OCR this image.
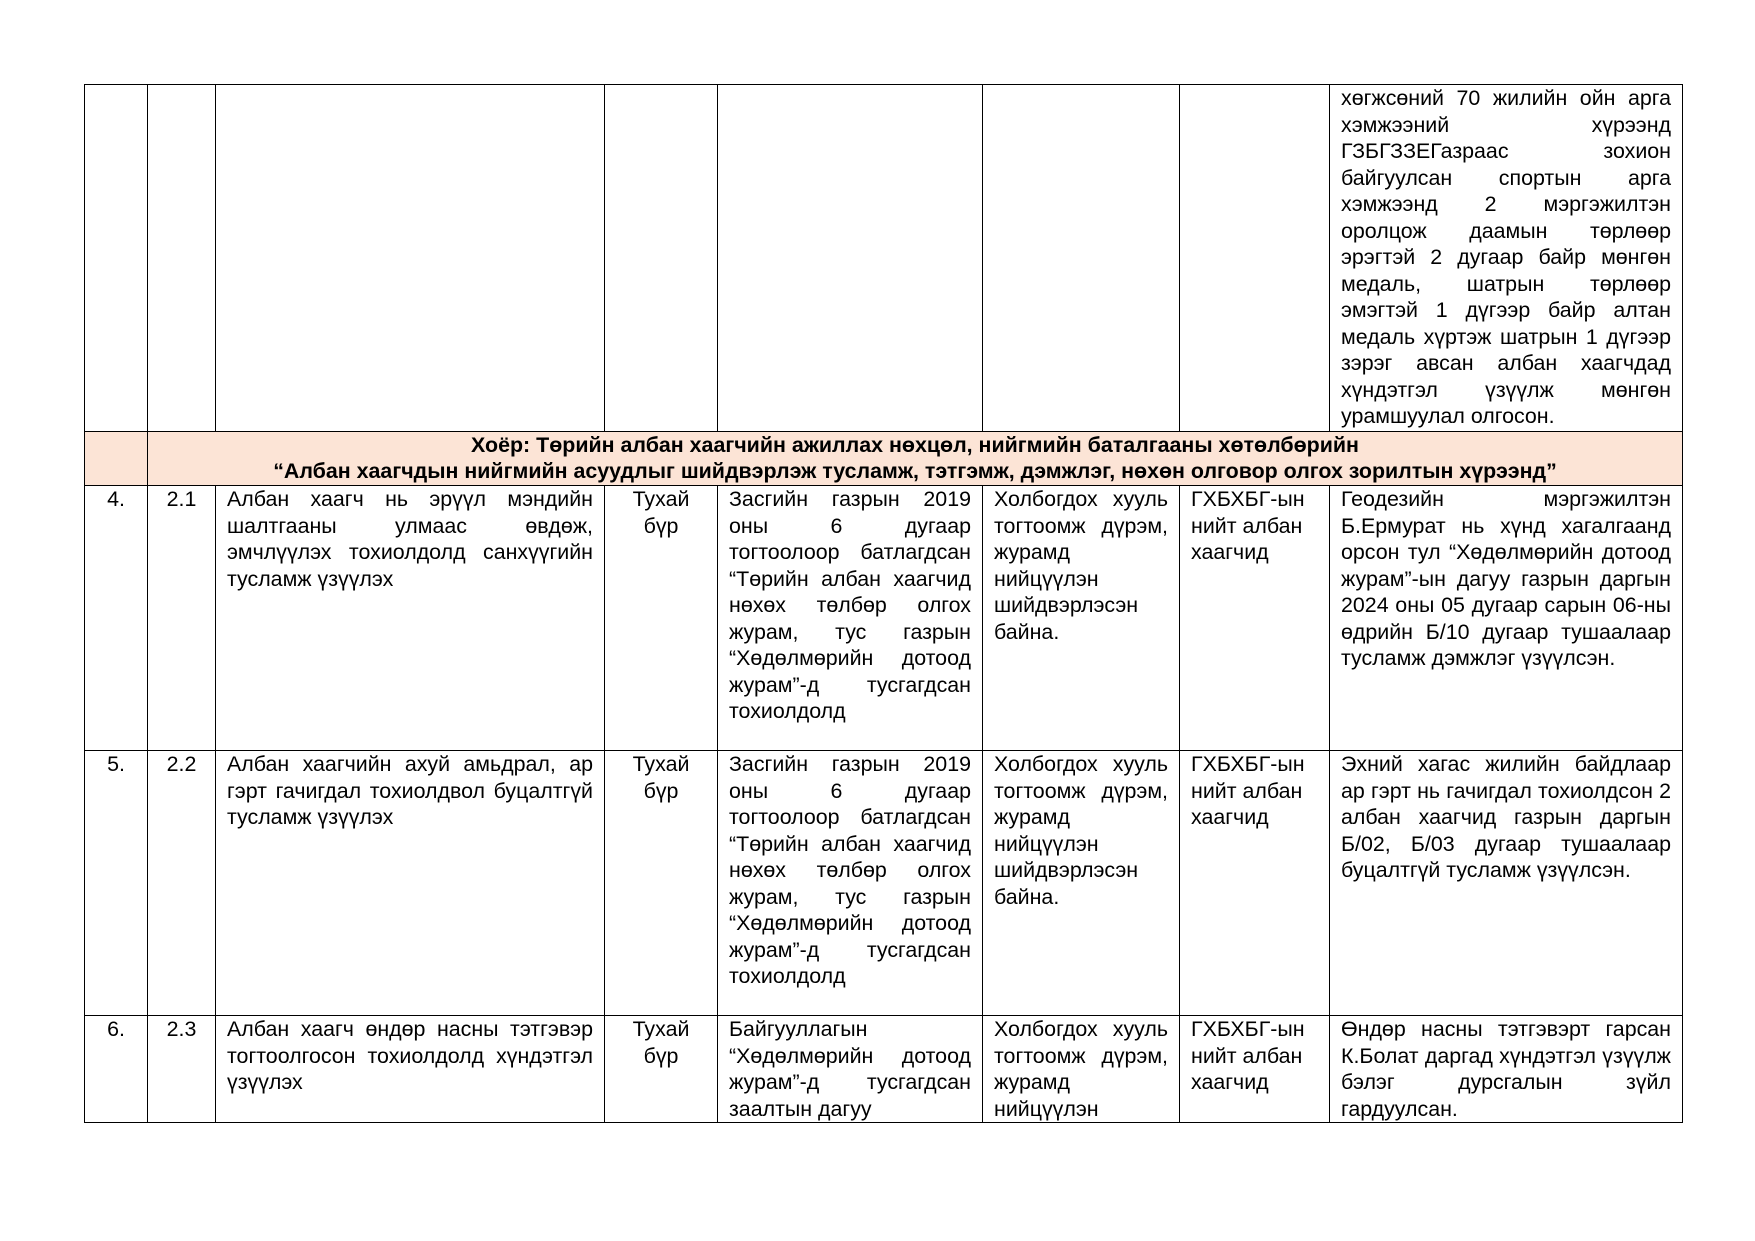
							хөгжсөний 70 жилийн ойн арга хэмжээний хүрээнд ГЗБГЗЗЕГазраас зохион байгуулсан спортын арга хэмжээнд 2 мэргэжилтэн оролцож даамын төрлөөр эрэгтэй 2 дугаар байр мөнгөн медаль, шатрын төрлөөр эмэгтэй 1 дүгээр байр алтан медаль хүртэж шатрын 1 дүгээр зэрэг авсан албан хаагчдад хүндэтгэл үзүүлж мөнгөн урамшуулал олгосон.

	Хоёр: Төрийн албан хаагчийн ажиллах нөхцөл, нийгмийн баталгааны хөтөлбөрийн
“Албан хаагчдын нийгмийн асуудлыг шийдвэрлэж тусламж, тэтгэмж, дэмжлэг, нөхөн олговор олгох зорилтын хүрээнд”						

4.	2.1	Албан хаагч нь эрүүл мэндийн шалтгааны улмаас өвдөж, эмчлүүлэх тохиолдолд санхүүгийн тусламж үзүүлэх	Тухай бүр	Засгийн газрын 2019 оны 6 дугаар тогтоолоор батлагдсан “Төрийн албан хаагчид нөхөх төлбөр олгох журам, тус газрын “Хөдөлмөрийн дотоод журам”-д тусгагдсан тохиолдолд	Холбогдох хууль тогтоомж дүрэм, журамд нийцүүлэн шийдвэрлэсэн байна.	ГХБХБГ-ын нийт албан хаагчид	Геодезийн мэргэжилтэн Б.Ермурат нь хүнд хагалгаанд орсон тул “Хөдөлмөрийн дотоод журам”-ын дагуу газрын даргын 2024 оны 05 дугаар сарын 06-ны өдрийн Б/10 дугаар тушаалаар тусламж дэмжлэг үзүүлсэн.
5.	2.2	Албан хаагчийн ахуй амьдрал, ар гэрт гачигдал тохиолдвол буцалтгүй тусламж үзүүлэх	Тухай бүр	Засгийн газрын 2019 оны 6 дугаар тогтоолоор батлагдсан “Төрийн албан хаагчид нөхөх төлбөр олгох журам, тус газрын “Хөдөлмөрийн дотоод журам”-д тусгагдсан тохиолдолд	Холбогдох хууль тогтоомж дүрэм, журамд нийцүүлэн шийдвэрлэсэн байна.	ГХБХБГ-ын нийт албан хаагчид	Эхний хагас жилийн байдлаар ар гэрт нь гачигдал тохиолдсон 2 албан хаагчид газрын даргын Б/02, Б/03 дугаар тушаалаар буцалтгүй тусламж үзүүлсэн.
6.	2.3	Албан хаагч өндөр насны тэтгэвэр тогтоолгосон тохиолдолд хүндэтгэл үзүүлэх	Тухай бүр	Байгууллагын “Хөдөлмөрийн дотоод журам”-д тусгагдсан заалтын дагуу	Холбогдох хууль тогтоомж дүрэм, журамд нийцүүлэн	ГХБХБГ-ын нийт албан хаагчид	Өндөр насны тэтгэвэрт гарсан К.Болат даргад хүндэтгэл үзүүлж бэлэг дурсгалын зүйл гардуулсан.
